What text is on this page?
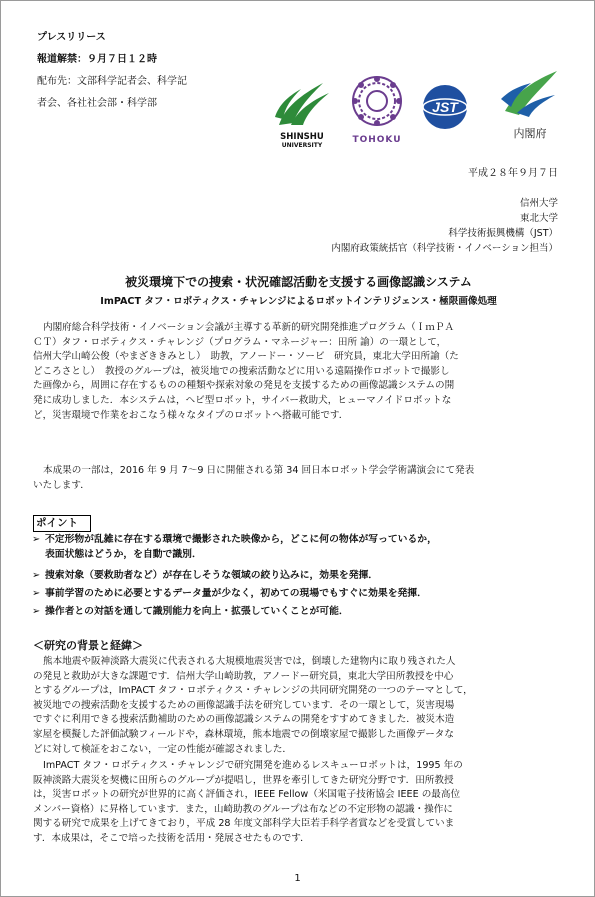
プレスリリース
報道解禁：９月７日１２時
配布先：文部科学記者会、科学記
者会、各社社会部・科学部
SHINSHU
UNIVERSITY
TOHOKU
JST
内閣府
平成２８年９月７日
信州大学
東北大学
科学技術振興機構（JST）
内閣府政策統括官（科学技術・イノベーション担当）
被災環境下での捜索・状況確認活動を支援する画像認識システム
ImPACT タフ・ロボティクス・チャレンジによるロボットインテリジェンス・極限画像処理
内閣府総合科学技術・イノベーション会議が主導する革新的研究開発推進プログラム（ＩｍＰＡ
ＣＴ）タフ・ロボティクス・チャレンジ（プログラム・マネージャー：田所 諭）の一環として，
信州大学山崎公俊（やまざききみとし）　助教，アノードー・ソービ　研究員，東北大学田所諭（た
どころさとし）　教授のグループは，被災地での捜索活動などに用いる遠隔操作ロボットで撮影し
た画像から，周囲に存在するものの種類や探索対象の発見を支援するための画像認識システムの開
発に成功しました．本システムは，ヘビ型ロボット，サイバー救助犬，ヒューマノイドロボットな
ど，災害環境で作業をおこなう様々なタイプのロボットへ搭載可能です．
本成果の一部は，2016 年 9 月 7〜9 日に開催される第 34 回日本ロボット学会学術講演会にて発表
いたします．
ポイント
➢ 不定形物が乱雑に存在する環境で撮影された映像から，どこに何の物体が写っているか，
表面状態はどうか，を自動で識別．
➢ 捜索対象（要救助者など）が存在しそうな領域の絞り込みに，効果を発揮．
➢ 事前学習のために必要とするデータ量が少なく，初めての現場でもすぐに効果を発揮．
➢ 操作者との対話を通して識別能力を向上・拡張していくことが可能．
＜研究の背景と経緯＞
熊本地震や阪神淡路大震災に代表される大規模地震災害では，倒壊した建物内に取り残された人
の発見と救助が大きな課題です．信州大学山崎助教，アノードー研究員，東北大学田所教授を中心
とするグループは，ImPACT タフ・ロボティクス・チャレンジの共同研究開発の一つのテーマとして，
被災地での捜索活動を支援するための画像認識手法を研究しています．その一環として，災害現場
ですぐに利用できる捜索活動補助のための画像認識システムの開発をすすめてきました．被災木造
家屋を模擬した評価試験フィールドや，森林環境，熊本地震での倒壊家屋で撮影した画像データな
どに対して検証をおこない，一定の性能が確認されました．
ImPACT タフ・ロボティクス・チャレンジで研究開発を進めるレスキューロボットは，1995 年の
阪神淡路大震災を契機に田所らのグループが提唱し，世界を牽引してきた研究分野です．田所教授
は，災害ロボットの研究が世界的に高く評価され，IEEE Fellow（米国電子技術協会 IEEE の最高位
メンバー資格）に昇格しています．また，山崎助教のグループは布などの不定形物の認識・操作に
関する研究で成果を上げてきており，平成 28 年度文部科学大臣若手科学者賞などを受賞していま
す．本成果は，そこで培った技術を活用・発展させたものです．
1
